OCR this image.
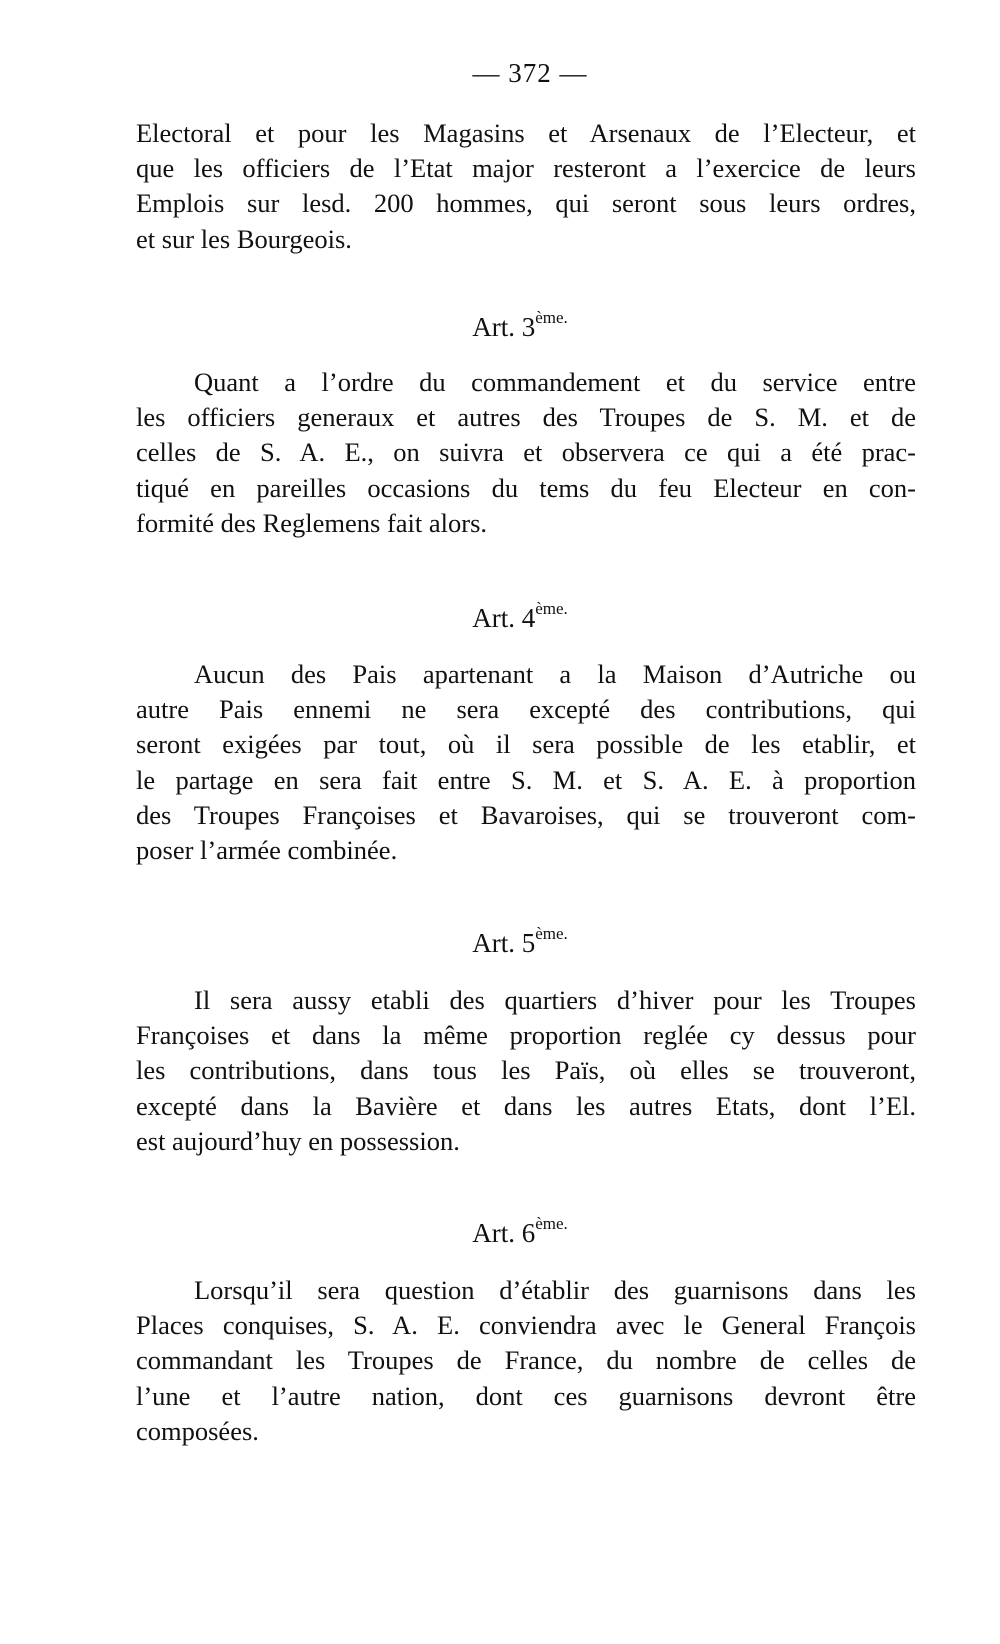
— 372 —
Electoral et pour les Magasins et Arsenaux de l’Electeur, et
que les officiers de l’Etat major resteront a l’exercice de leurs
Emplois sur lesd. 200 hommes, qui seront sous leurs ordres,
et sur les Bourgeois.
Art. $3^{ème.}$
Quant a l’ordre du commandement et du service entre
les officiers generaux et autres des Troupes de S. M. et de
celles de S. A. E., on suivra et observera ce qui a été prac-
tiqué en pareilles occasions du tems du feu Electeur en con-
formité des Reglemens fait alors.
Art. $4^{ème.}$
Aucun des Pais apartenant a la Maison d’Autriche ou
autre Pais ennemi ne sera excepté des contributions, qui
seront exigées par tout, où il sera possible de les etablir, et
le partage en sera fait entre S. M. et S. A. E. à proportion
des Troupes Françoises et Bavaroises, qui se trouveront com-
poser l’armée combinée.
Art. $5^{ème.}$
Il sera aussy etabli des quartiers d’hiver pour les Troupes
Françoises et dans la même proportion reglée cy dessus pour
les contributions, dans tous les Païs, où elles se trouveront,
excepté dans la Bavière et dans les autres Etats, dont l’El.
est aujourd’huy en possession.
Art. $6^{ème.}$
Lorsqu’il sera question d’établir des guarnisons dans les
Places conquises, S. A. E. conviendra avec le General François
commandant les Troupes de France, du nombre de celles de
l’une et l’autre nation, dont ces guarnisons devront être
composées.
